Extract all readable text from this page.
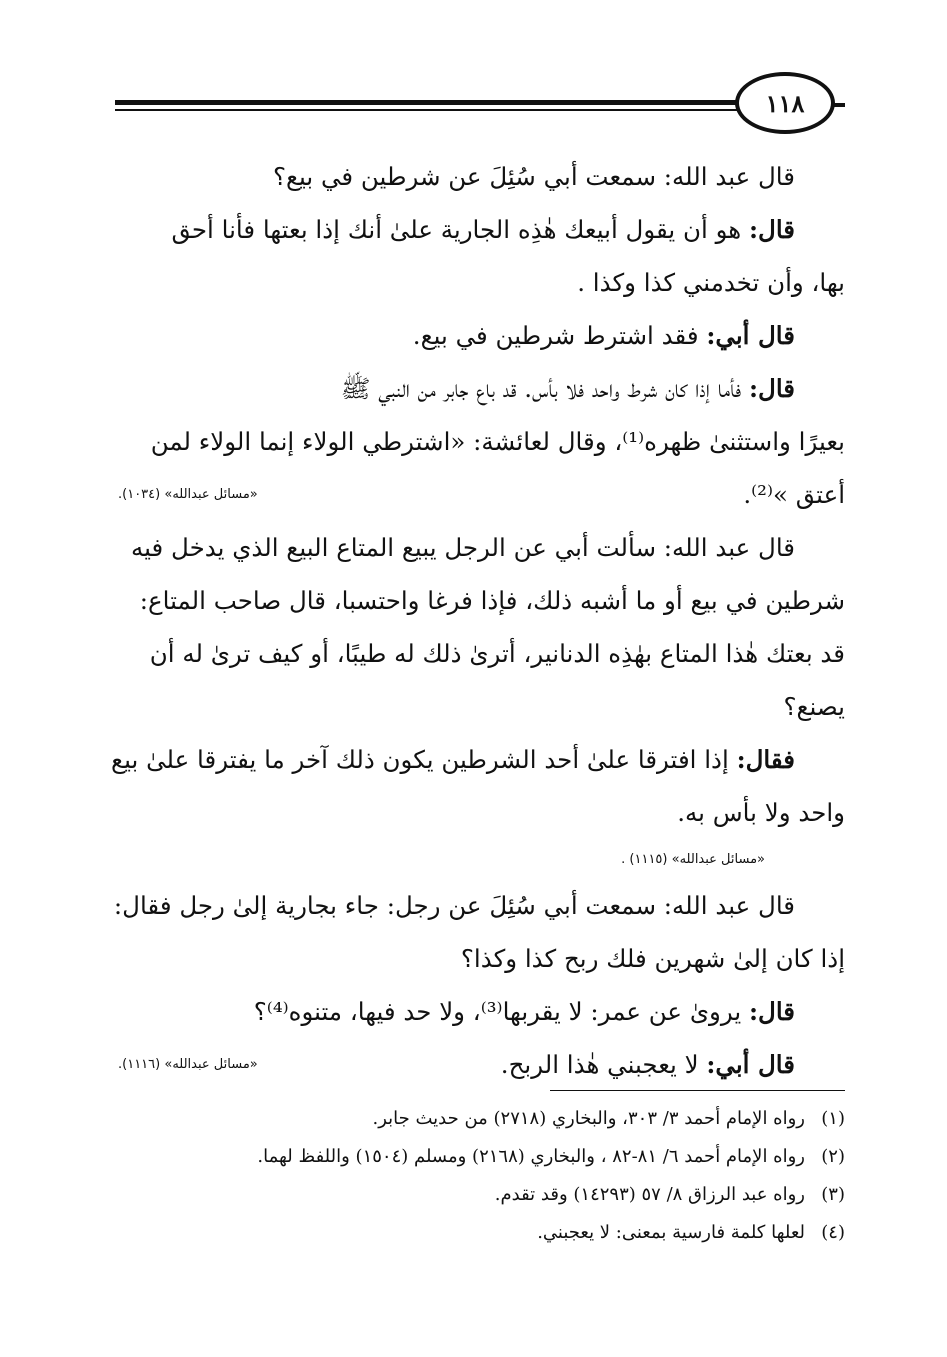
١١٨

قال عبد الله: سمعت أبي سُئِلَ عن شرطين في بيع؟

قال: هو أن يقول أبيعك هٰذِه الجارية علىٰ أنك إذا بعتها فأنا أحق
بها، وأن تخدمني كذا وكذا .

قال أبي: فقد اشترط شرطين في بيع.

قال: فأما إذا كان شرط واحد فلا بأس. قد باع جابر من النبي ﷺ
بعيرًا واستثنىٰ ظهره⁽¹⁾، وقال لعائشة: «اشترطي الولاء إنما الولاء لمن
أعتق »⁽²⁾.
«مسائل عبدالله» (١٠٣٤).

قال عبد الله: سألت أبي عن الرجل يبيع المتاع البيع الذي يدخل فيه
شرطين في بيع أو ما أشبه ذلك، فإذا فرغا واحتسبا، قال صاحب المتاع:
قد بعتك هٰذا المتاع بهٰذِه الدنانير، أترىٰ ذلك له طيبًا، أو كيف ترىٰ له أن
يصنع؟

فقال: إذا افترقا علىٰ أحد الشرطين يكون ذلك آخر ما يفترقا علىٰ بيع
واحد ولا بأس به.

«مسائل عبدالله» (١١١٥) .

قال عبد الله: سمعت أبي سُئِلَ عن رجل: جاء بجارية إلىٰ رجل فقال:
إذا كان إلىٰ شهرين فلك ربح كذا وكذا؟

قال: يروىٰ عن عمر: لا يقربها⁽³⁾، ولا حد فيها، متنوه⁽⁴⁾؟

قال أبي: لا يعجبني هٰذا الربح.
«مسائل عبدالله» (١١١٦).

(١)رواه الإمام أحمد ٣/ ٣٠٣، والبخاري (٢٧١٨) من حديث جابر.
(٢)رواه الإمام أحمد ٦/ ٨١-٨٢ ، والبخاري (٢١٦٨) ومسلم (١٥٠٤) واللفظ لهما.
(٣)رواه عبد الرزاق ٨/ ٥٧ (١٤٢٩٣) وقد تقدم.
(٤)لعلها كلمة فارسية بمعنى: لا يعجبني.
